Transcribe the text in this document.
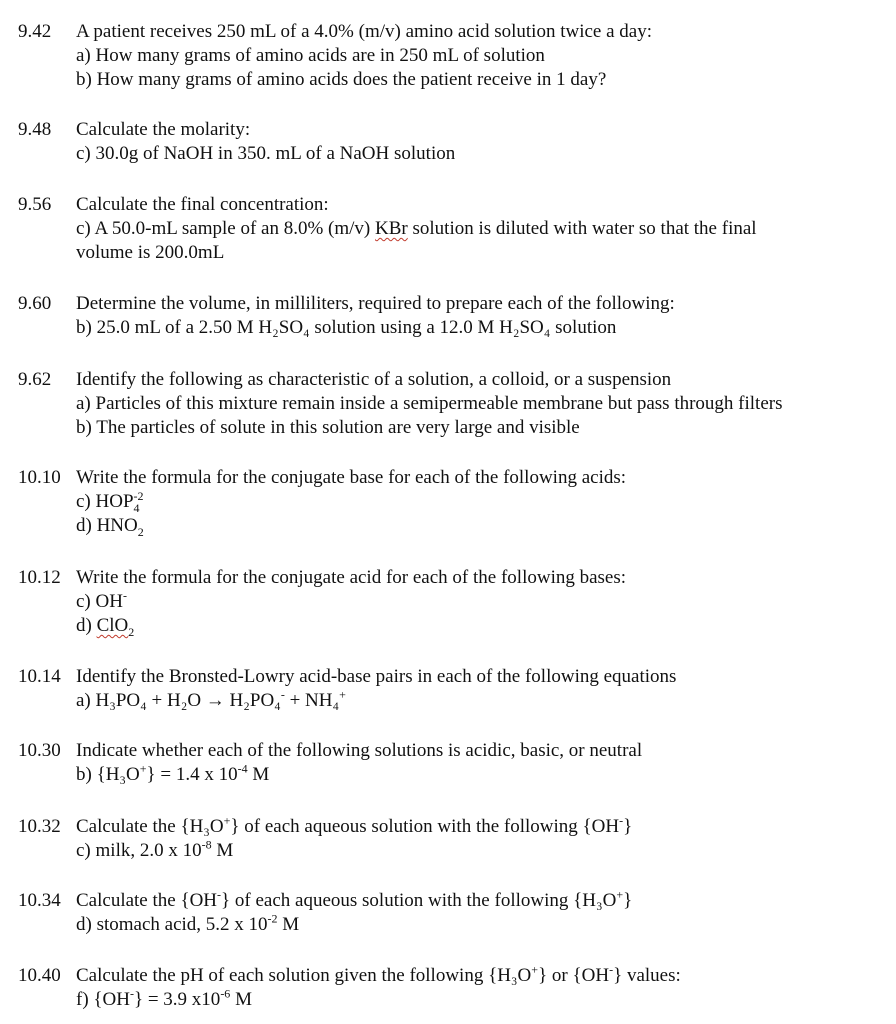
9.42 A patient receives 250 mL of a 4.0% (m/v) amino acid solution twice a day:
a) How many grams of amino acids are in 250 mL of solution
b) How many grams of amino acids does the patient receive in 1 day?
9.48 Calculate the molarity:
c) 30.0g of NaOH in 350. mL of a NaOH solution
9.56 Calculate the final concentration:
c) A 50.0-mL sample of an 8.0% (m/v) KBr solution is diluted with water so that the final
volume is 200.0mL
9.60 Determine the volume, in milliliters, required to prepare each of the following:
b) 25.0 mL of a 2.50 M H₂SO₄ solution using a 12.0 M H₂SO₄ solution
9.62 Identify the following as characteristic of a solution, a colloid, or a suspension
a) Particles of this mixture remain inside a semipermeable membrane but pass through filters
b) The particles of solute in this solution are very large and visible
10.10 Write the formula for the conjugate base for each of the following acids:
c) $HOP_4^{-2}$
d) $HNO_2$
10.12 Write the formula for the conjugate acid for each of the following bases:
c) OH-
d) ClO$_2$
10.14 Identify the Bronsted-Lowry acid-base pairs in each of the following equations
a) H₃PO₄ + H₂O → H₂PO₄- + NH₄+
10.30 Indicate whether each of the following solutions is acidic, basic, or neutral
b) {H₃O+} = 1.4 x $10^{-4}$ M
10.32 Calculate the {H₃O+} of each aqueous solution with the following {OH-}
c) milk, 2.0 x $10^{-8}$ M
10.34 Calculate the {OH-} of each aqueous solution with the following {H₃O+}
d) stomach acid, 5.2 x $10^{-2}$ M
10.40 Calculate the pH of each solution given the following {H₃O+} or {OH-} values:
f) {OH-} = 3.9 $x10^{-6}$ M
